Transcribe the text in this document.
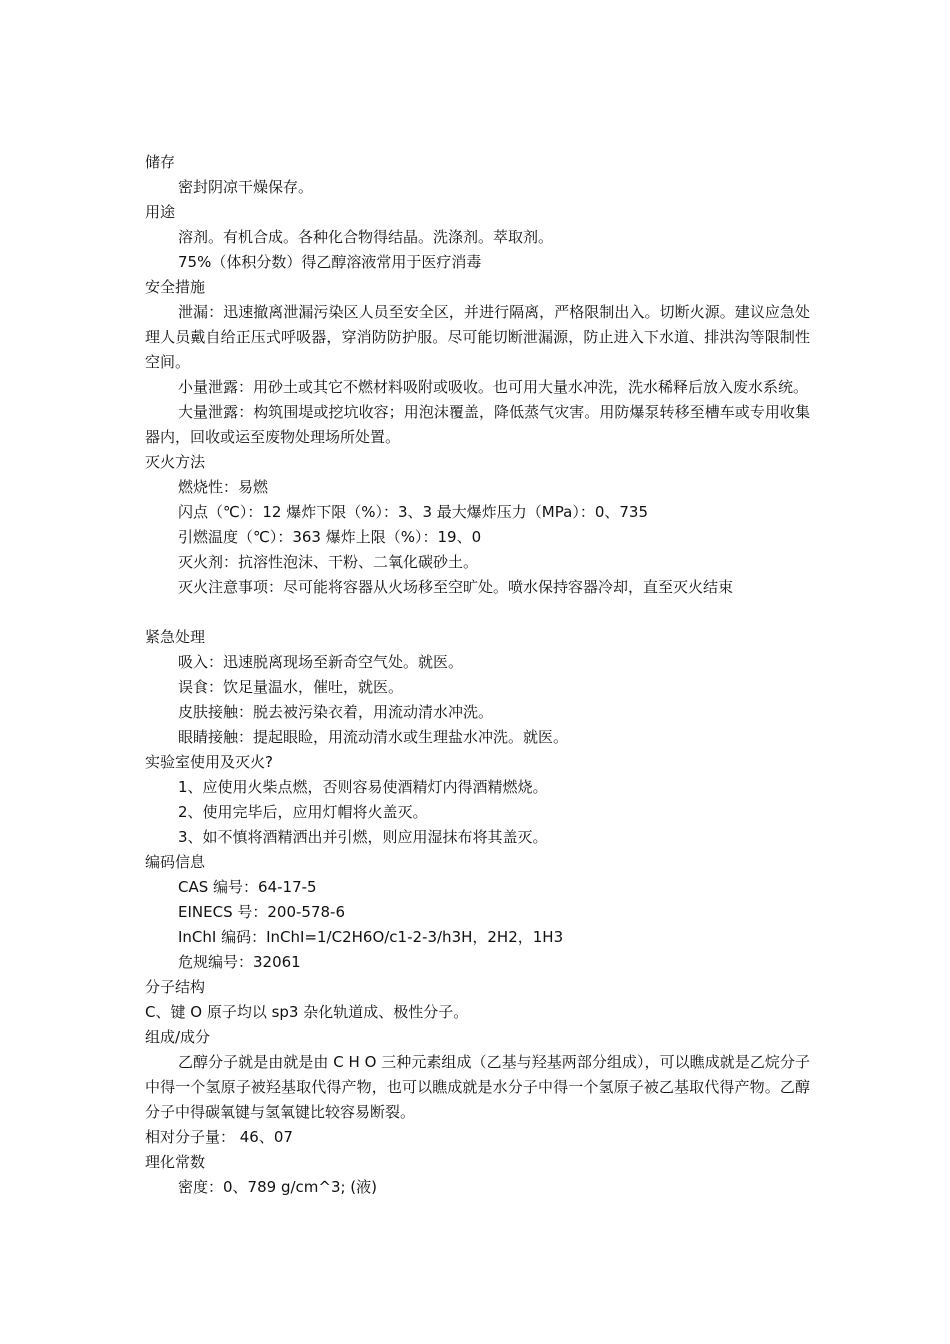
储存
密封阴凉干燥保存。
用途
溶剂。有机合成。各种化合物得结晶。洗涤剂。萃取剂。
75%（体积分数）得乙醇溶液常用于医疗消毒
安全措施
泄漏：迅速撤离泄漏污染区人员至安全区，并进行隔离，严格限制出入。切断火源。建议应急处理人员戴自给正压式呼吸器，穿消防防护服。尽可能切断泄漏源，防止进入下水道、排洪沟等限制性空间。
小量泄露：用砂土或其它不燃材料吸附或吸收。也可用大量水冲洗，洗水稀释后放入废水系统。
大量泄露：构筑围堤或挖坑收容；用泡沫覆盖，降低蒸气灾害。用防爆泵转移至槽车或专用收集器内，回收或运至废物处理场所处置。
灭火方法
燃烧性：易燃
闪点（℃）：12 爆炸下限（%）：3、3 最大爆炸压力（MPa）：0、735
引燃温度（℃）：363 爆炸上限（%）：19、0
灭火剂：抗溶性泡沫、干粉、二氧化碳砂土。
灭火注意事项：尽可能将容器从火场移至空旷处。喷水保持容器冷却，直至灭火结束
紧急处理
吸入：迅速脱离现场至新奇空气处。就医。
误食：饮足量温水，催吐，就医。
皮肤接触：脱去被污染衣着，用流动清水冲洗。
眼睛接触：提起眼睑，用流动清水或生理盐水冲洗。就医。
实验室使用及灭火?
1、应使用火柴点燃，否则容易使酒精灯内得酒精燃烧。
2、使用完毕后，应用灯帽将火盖灭。
3、如不慎将酒精洒出并引燃，则应用湿抹布将其盖灭。
编码信息
CAS 编号：64-17-5
EINECS 号：200-578-6
InChI 编码：InChI=1/C2H6O/c1-2-3/h3H，2H2，1H3
危规编号：32061
分子结构
C、键 O 原子均以 sp3 杂化轨道成、极性分子。
组成/成分
乙醇分子就是由就是由 C H O 三种元素组成（乙基与羟基两部分组成），可以瞧成就是乙烷分子中得一个氢原子被羟基取代得产物，也可以瞧成就是水分子中得一个氢原子被乙基取代得产物。乙醇分子中得碳氧键与氢氧键比较容易断裂。
相对分子量： 46、07
理化常数
密度：0、789 g/cm^3; (液)
